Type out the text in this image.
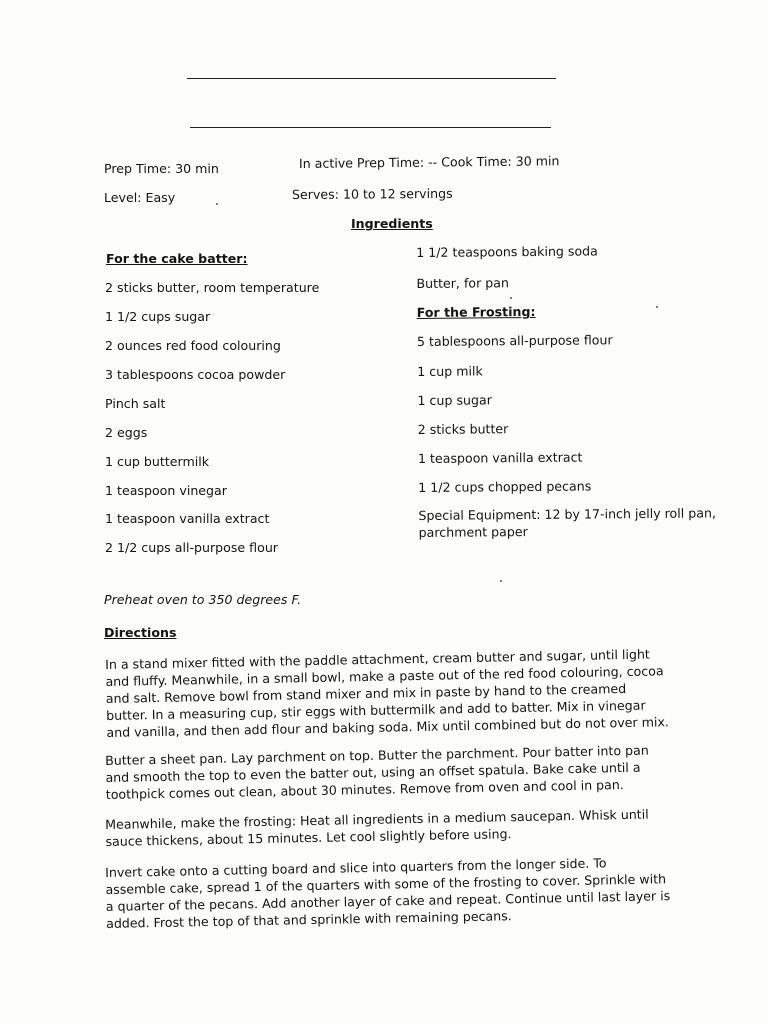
Prep Time: 30 min	In active Prep Time: -- Cook Time: 30 min
Level: Easy	Serves: 10 to 12 servings
Ingredients
For the cake batter:
2 sticks butter, room temperature
1 1/2 cups sugar
2 ounces red food colouring
3 tablespoons cocoa powder
Pinch salt
2 eggs
1 cup buttermilk
1 teaspoon vinegar
1 teaspoon vanilla extract
2 1/2 cups all-purpose flour
1 1/2 teaspoons baking soda
Butter, for pan
For the Frosting:
5 tablespoons all-purpose flour
1 cup milk
1 cup sugar
2 sticks butter
1 teaspoon vanilla extract
1 1/2 cups chopped pecans
Special Equipment: 12 by 17-inch jelly roll pan, parchment paper
Preheat oven to 350 degrees F.
Directions

In a stand mixer fitted with the paddle attachment, cream butter and sugar, until light and fluffy. Meanwhile, in a small bowl, make a paste out of the red food colouring, cocoa and salt. Remove bowl from stand mixer and mix in paste by hand to the creamed butter. In a measuring cup, stir eggs with buttermilk and add to batter. Mix in vinegar and vanilla, and then add flour and baking soda. Mix until combined but do not over mix.

Butter a sheet pan. Lay parchment on top. Butter the parchment. Pour batter into pan and smooth the top to even the batter out, using an offset spatula. Bake cake until a toothpick comes out clean, about 30 minutes. Remove from oven and cool in pan.

Meanwhile, make the frosting: Heat all ingredients in a medium saucepan. Whisk until sauce thickens, about 15 minutes. Let cool slightly before using.

Invert cake onto a cutting board and slice into quarters from the longer side. To assemble cake, spread 1 of the quarters with some of the frosting to cover. Sprinkle with a quarter of the pecans. Add another layer of cake and repeat. Continue until last layer is added. Frost the top of that and sprinkle with remaining pecans.
